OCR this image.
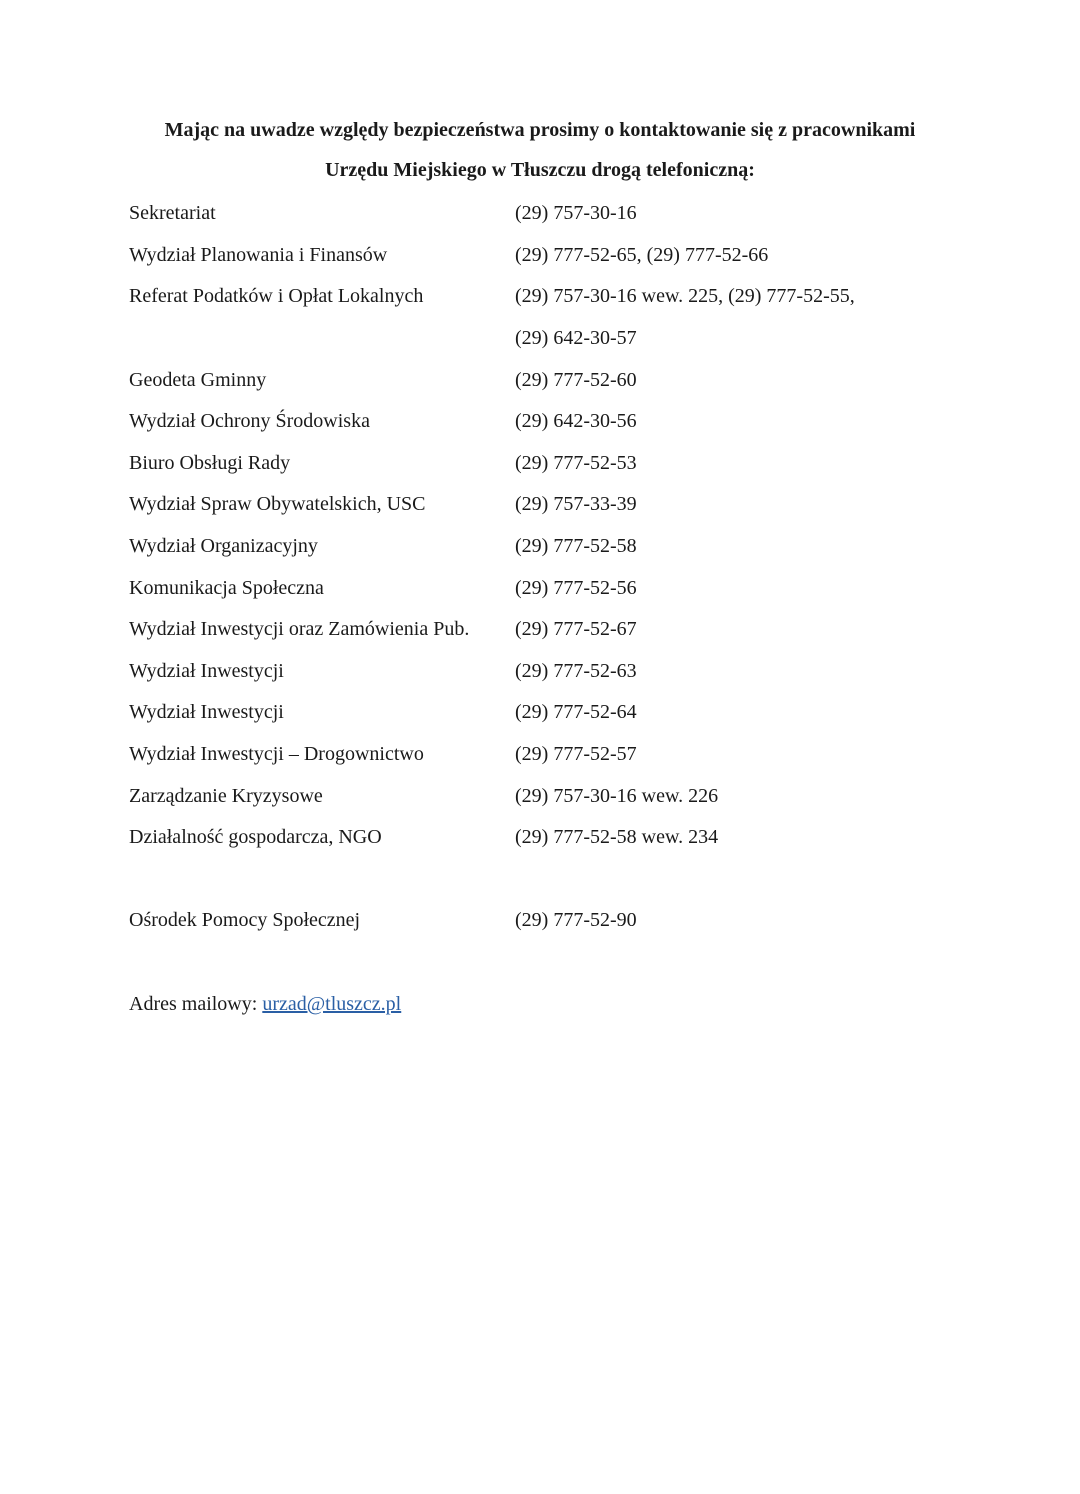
Mając na uwadze względy bezpieczeństwa prosimy o kontaktowanie się z pracownikami
Urzędu Miejskiego w Tłuszczu drogą telefoniczną:
Sekretariat	(29) 757-30-16
Wydział Planowania i Finansów	(29) 777-52-65, (29) 777-52-66
Referat Podatków i Opłat Lokalnych	(29) 757-30-16 wew. 225, (29) 777-52-55,
(29) 642-30-57
Geodeta Gminny	(29) 777-52-60
Wydział Ochrony Środowiska	(29) 642-30-56
Biuro Obsługi Rady	(29) 777-52-53
Wydział Spraw Obywatelskich, USC	(29) 757-33-39
Wydział Organizacyjny	(29) 777-52-58
Komunikacja Społeczna	(29) 777-52-56
Wydział Inwestycji oraz Zamówienia Pub.	(29) 777-52-67
Wydział Inwestycji	(29) 777-52-63
Wydział Inwestycji	(29) 777-52-64
Wydział Inwestycji – Drogownictwo	(29) 777-52-57
Zarządzanie Kryzysowe	(29) 757-30-16 wew. 226
Działalność gospodarcza, NGO	(29) 777-52-58 wew. 234
Ośrodek Pomocy Społecznej	(29) 777-52-90
Adres mailowy: urzad@tluszcz.pl
